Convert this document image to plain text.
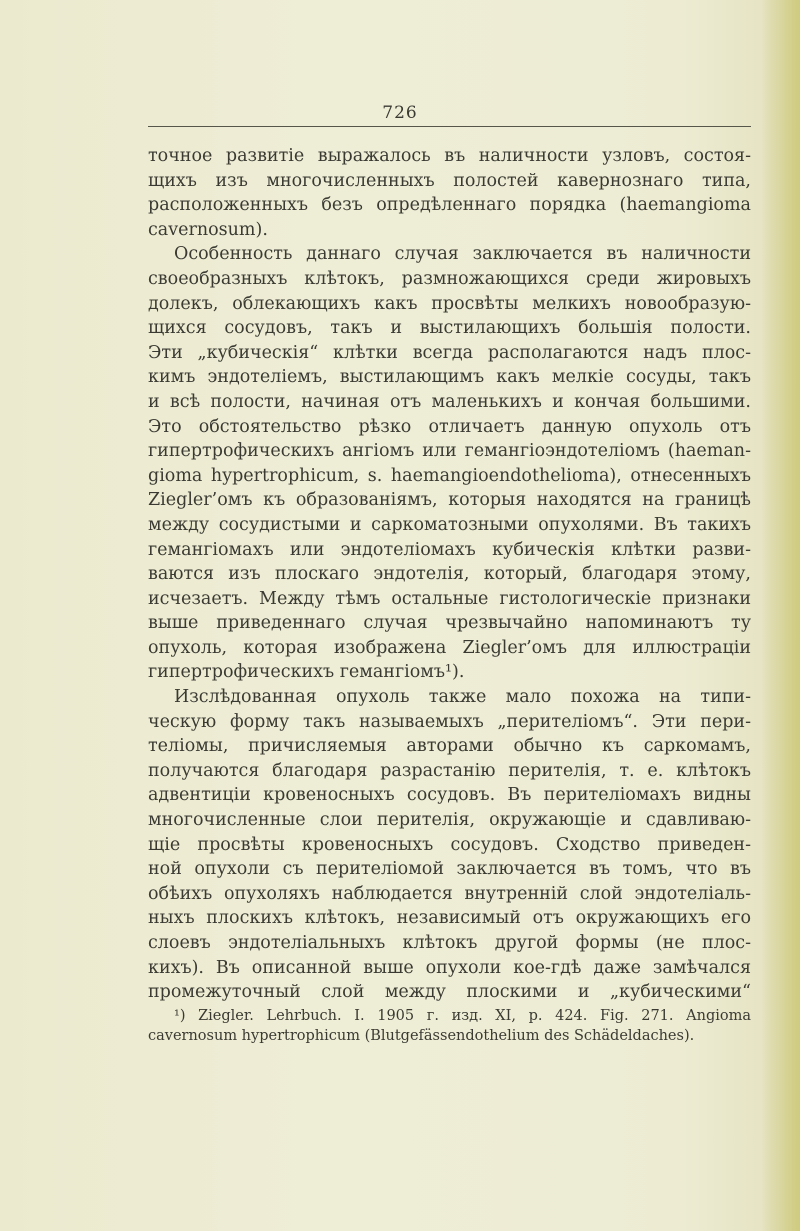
726
точное развитіе выражалось въ наличности узловъ, состоя-
щихъ изъ многочисленныхъ полостей кавернознаго типа,
расположенныхъ безъ опредѣленнаго порядка (haemangioma
cavernosum).
Особенность даннаго случая заключается въ наличности
своеобразныхъ клѣтокъ, размножающихся среди жировыхъ
долекъ, облекающихъ какъ просвѣты мелкихъ новообразую-
щихся сосудовъ, такъ и выстилающихъ большія полости.
Эти „кубическія“ клѣтки всегда располагаются надъ плос-
кимъ эндотеліемъ, выстилающимъ какъ мелкіе сосуды, такъ
и всѣ полости, начиная отъ маленькихъ и кончая большими.
Это обстоятельство рѣзко отличаетъ данную опухоль отъ
гипертрофическихъ ангіомъ или гемангіоэндотеліомъ (haeman-
gioma hypertrophicum, s. haemangioendothelioma), отнесенныхъ
Ziegler’омъ къ образованіямъ, которыя находятся на границѣ
между сосудистыми и саркоматозными опухолями. Въ такихъ
гемангіомахъ или эндотеліомахъ кубическія клѣтки разви-
ваются изъ плоскаго эндотелія, который, благодаря этому,
исчезаетъ. Между тѣмъ остальные гистологическіе признаки
выше приведеннаго случая чрезвычайно напоминаютъ ту
опухоль, которая изображена Ziegler’омъ для иллюстраціи
гипертрофическихъ гемангіомъ¹).
Изслѣдованная опухоль также мало похожа на типи-
ческую форму такъ называемыхъ „перителіомъ“. Эти пери-
теліомы, причисляемыя авторами обычно къ саркомамъ,
получаются благодаря разрастанію перителія, т. е. клѣтокъ
адвентиціи кровеносныхъ сосудовъ. Въ перителіомахъ видны
многочисленные слои перителія, окружающіе и сдавливаю-
щіе просвѣты кровеносныхъ сосудовъ. Сходство приведен-
ной опухоли съ перителіомой заключается въ томъ, что въ
обѣихъ опухоляхъ наблюдается внутренній слой эндотеліаль-
ныхъ плоскихъ клѣтокъ, независимый отъ окружающихъ его
слоевъ эндотеліальныхъ клѣтокъ другой формы (не плос-
кихъ). Въ описанной выше опухоли кое-гдѣ даже замѣчался
промежуточный слой между плоскими и „кубическими“
¹) Ziegler. Lehrbuch. I. 1905 г. изд. XI, р. 424. Fig. 271. Angioma
cavernosum hypertrophicum (Blutgefässendothelium des Schädeldaches).
